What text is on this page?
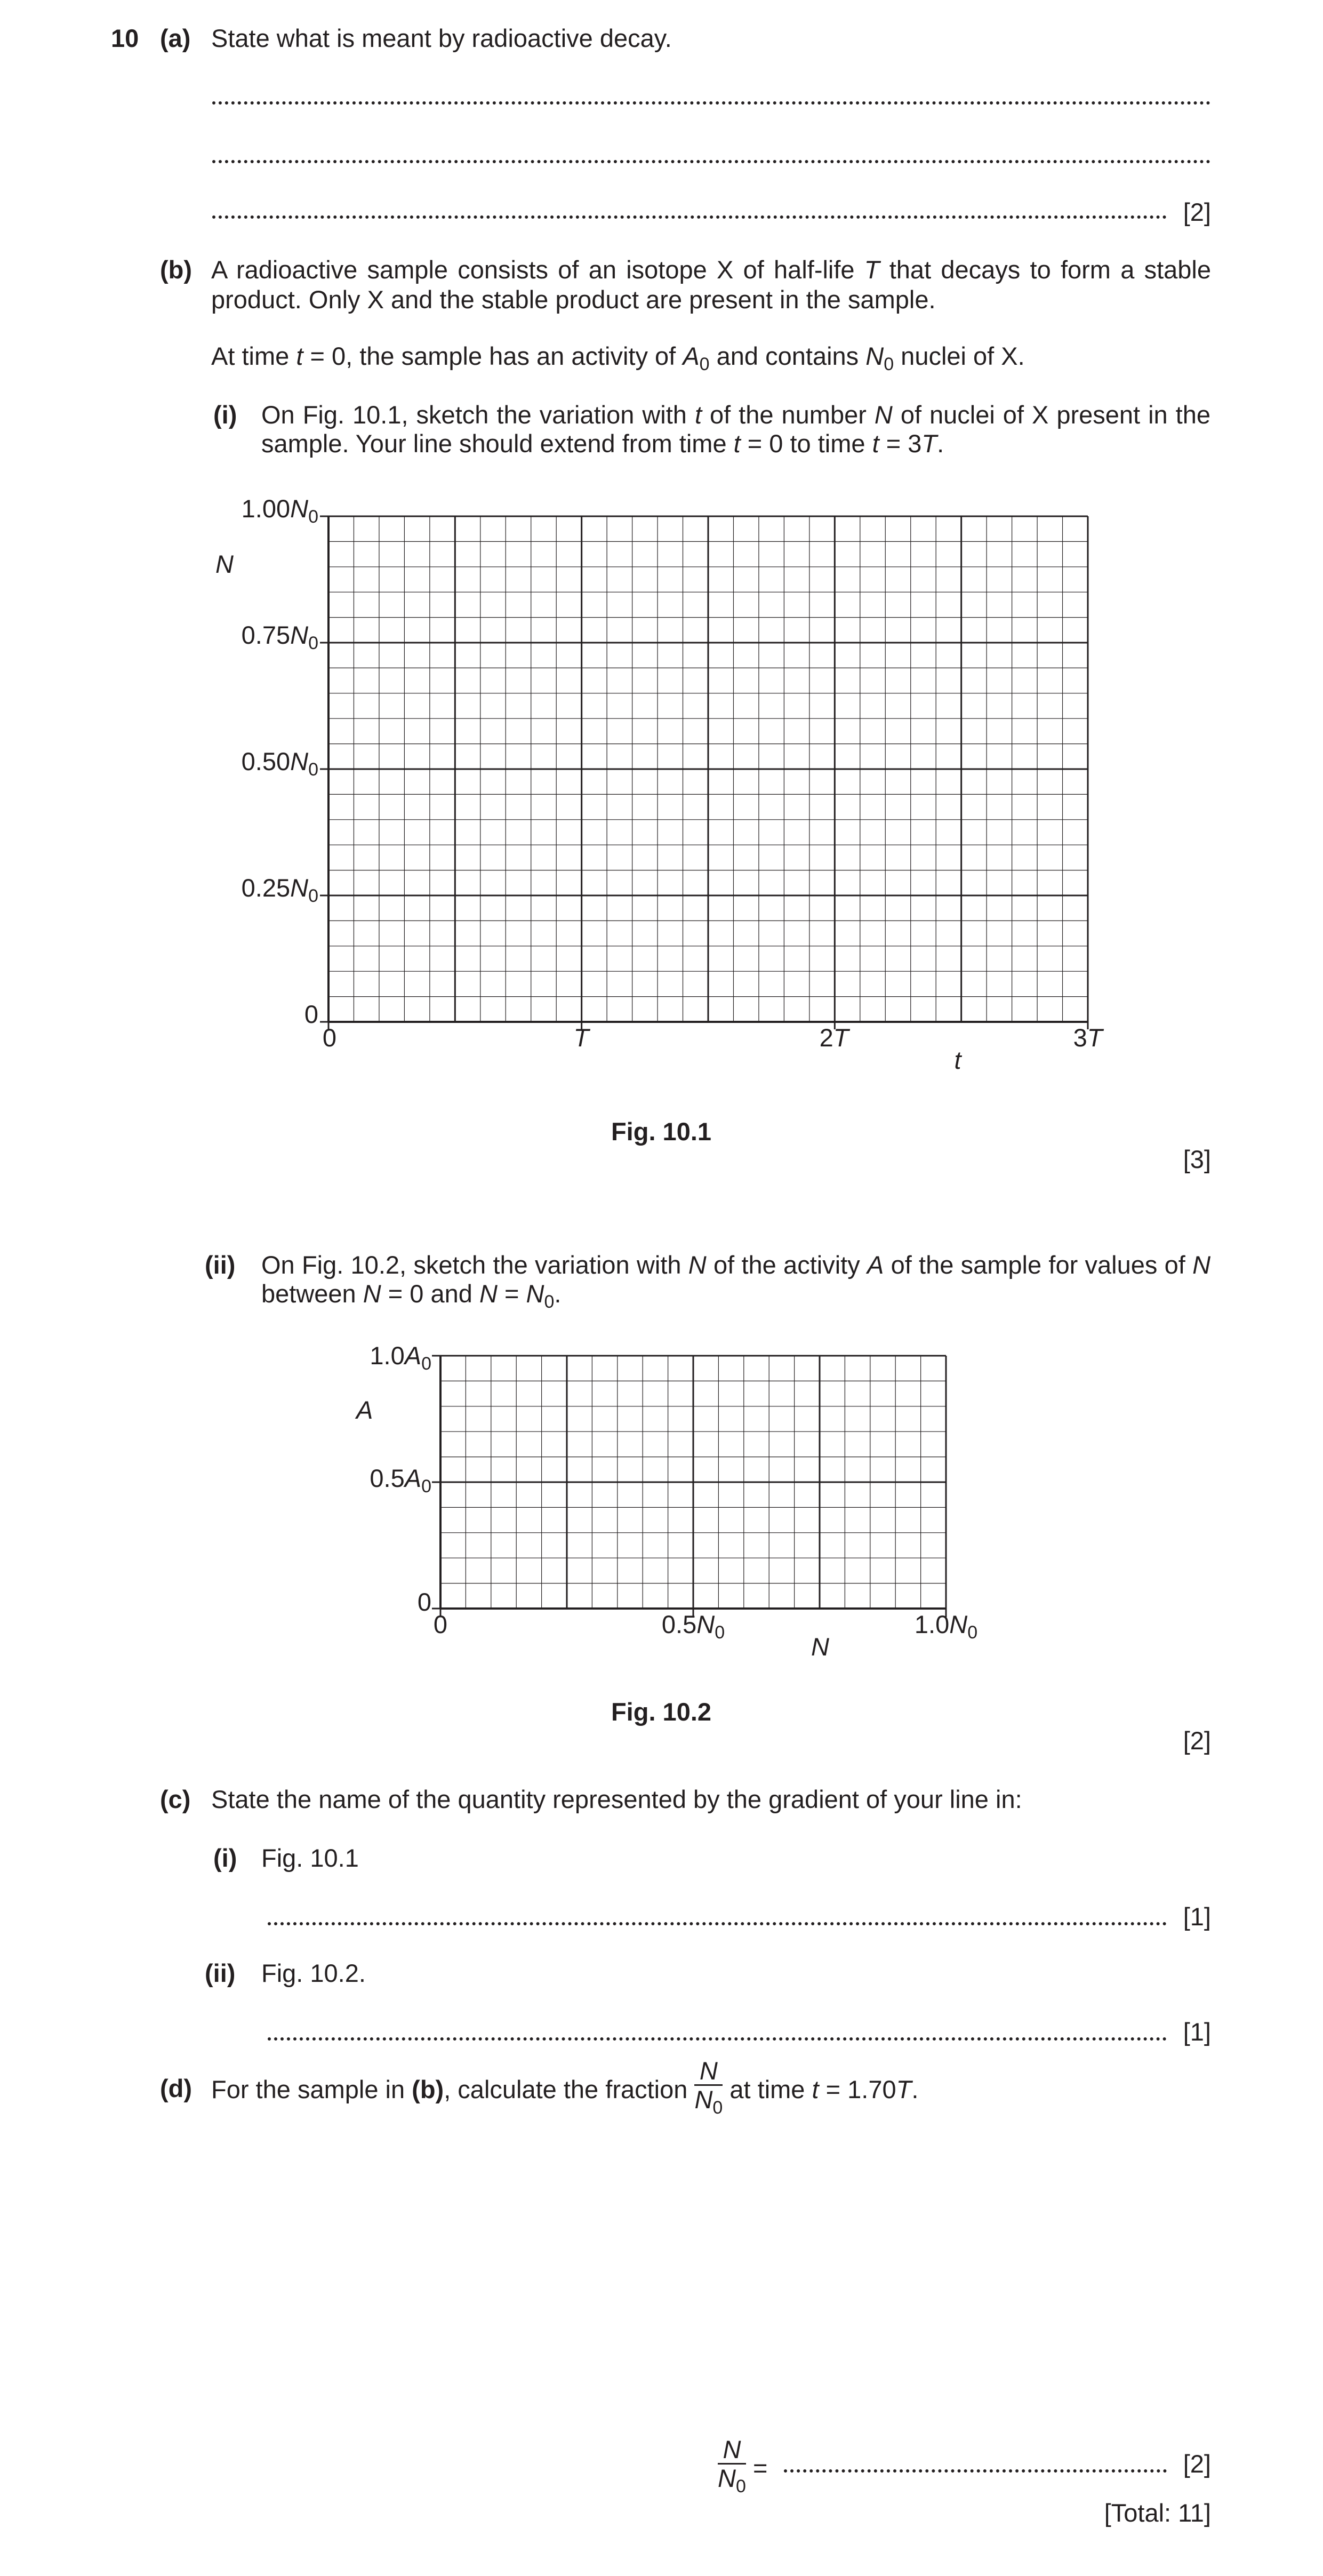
10 (a) State what is meant by radioactive decay.
[2]
(b) A radioactive sample consists of an isotope X of half-life T that decays to form a stable product. Only X and the stable product are present in the sample.
At time t = 0, the sample has an activity of $A_0$ and contains $N_0$ nuclei of X.
(i) On Fig. 10.1, sketch the variation with t of the number N of nuclei of X present in the
sample. Your line should extend from time t = 0 to time t = 3T.
$1.00N_0$
N
$0.75N_0$
$0.50N_0$
$0.25N_0$
0
0	T	2T	3T
t
Fig. 10.1
[3]
(ii) On Fig. 10.2, sketch the variation with N of the activity A of the sample for values of N
between N = 0 and $N = N_0$.
$1.0A_0$
A
$0.5A_0$
0
0	$0.5N_0$	$1.0N_0$
N
Fig. 10.2
[2]
(c) State the name of the quantity represented by the gradient of your line in:
(i) Fig. 10.1
[1]
(ii) Fig. 10.2.
[1]
(d) For the sample in (b), calculate the fraction $\frac{N}{N_0}$ at time t = 1.70T.
$\frac{N}{N_0}$ =	[2]
[Total: 11]
